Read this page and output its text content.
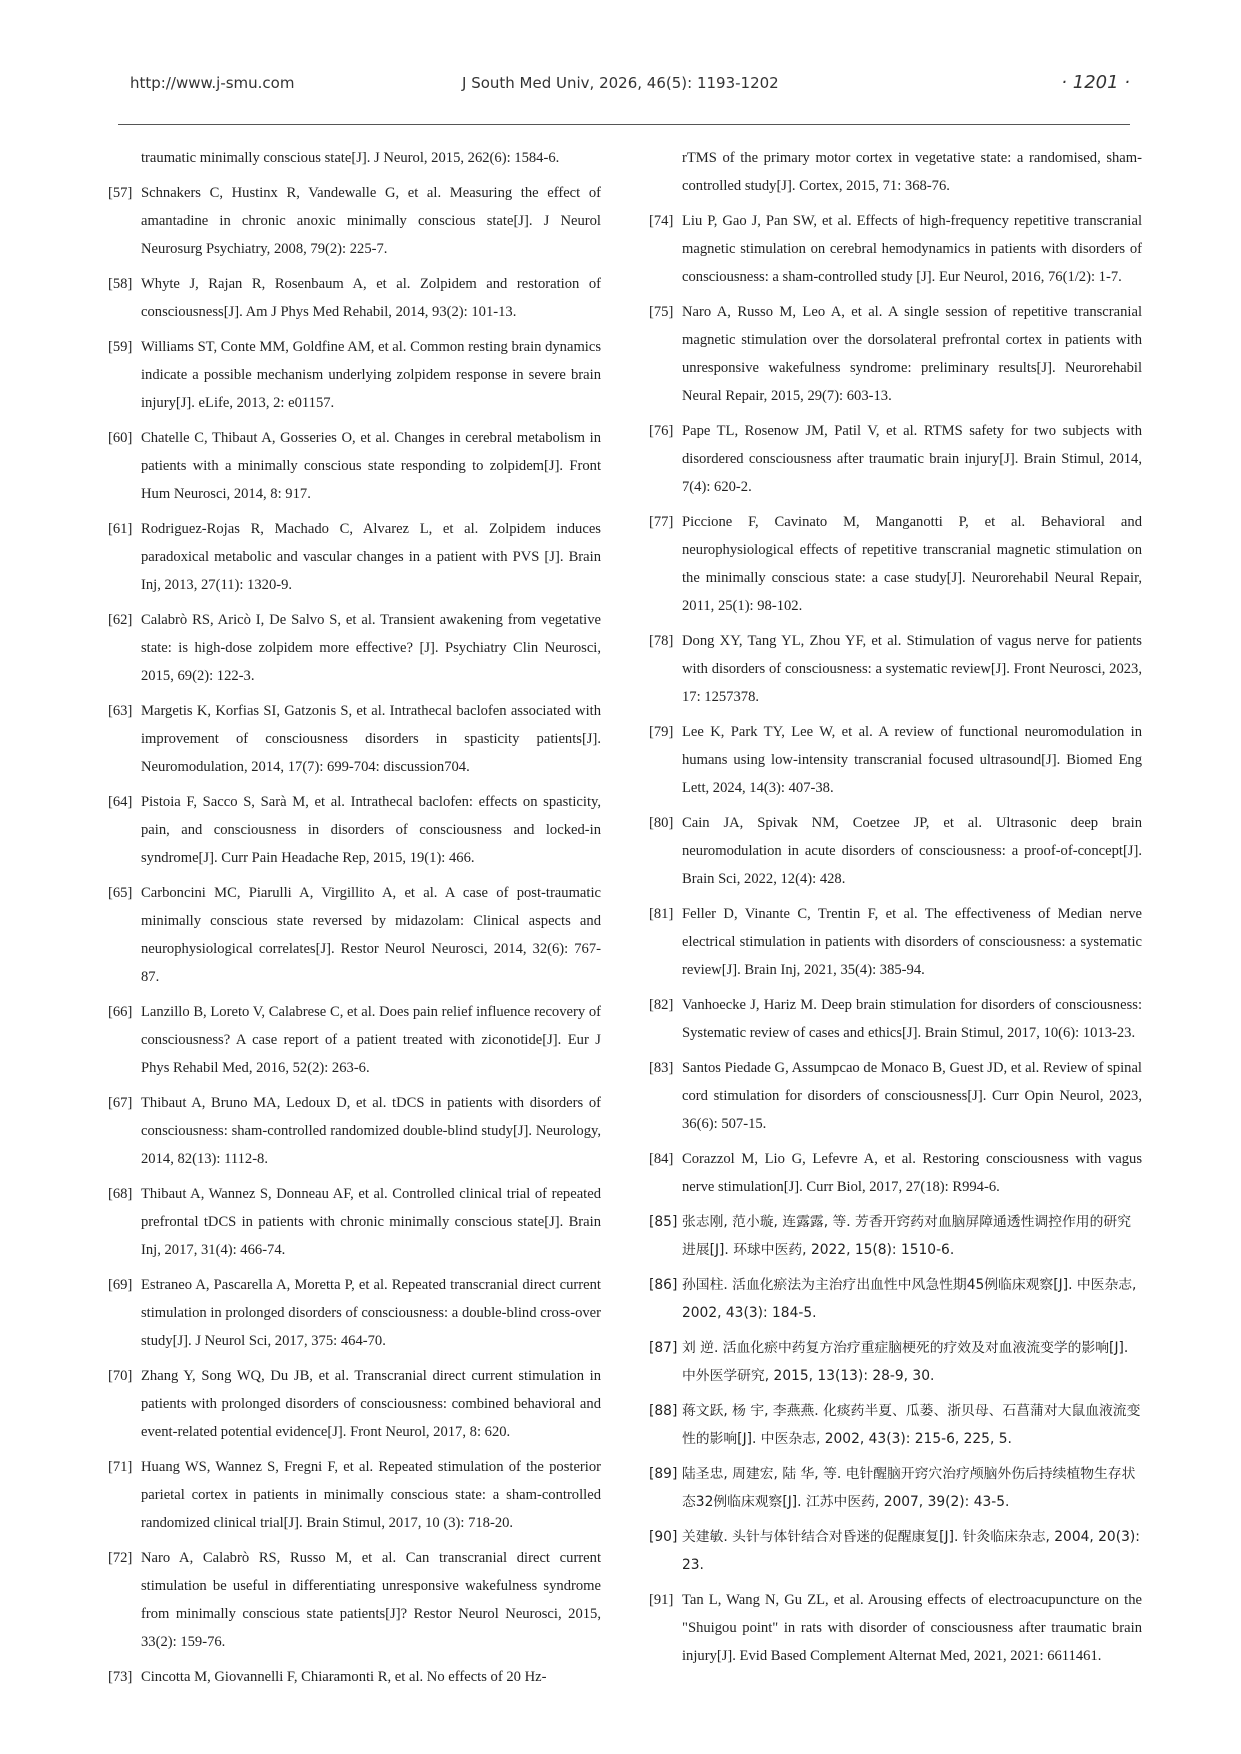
http://www.j-smu.com	J South Med Univ, 2026, 46(5): 1193-1202	· 1201 ·

traumatic minimally conscious state[J]. J Neurol, 2015, 262(6): 1584-6.

[57] Schnakers C, Hustinx R, Vandewalle G, et al. Measuring the effect of amantadine in chronic anoxic minimally conscious state[J]. J Neurol Neurosurg Psychiatry, 2008, 79(2): 225-7.

[58] Whyte J, Rajan R, Rosenbaum A, et al. Zolpidem and restoration of consciousness[J]. Am J Phys Med Rehabil, 2014, 93(2): 101-13.

[59] Williams ST, Conte MM, Goldfine AM, et al. Common resting brain dynamics indicate a possible mechanism underlying zolpidem response in severe brain injury[J]. eLife, 2013, 2: e01157.

[60] Chatelle C, Thibaut A, Gosseries O, et al. Changes in cerebral metabolism in patients with a minimally conscious state responding to zolpidem[J]. Front Hum Neurosci, 2014, 8: 917.

[61] Rodriguez-Rojas R, Machado C, Alvarez L, et al. Zolpidem induces paradoxical metabolic and vascular changes in a patient with PVS [J]. Brain Inj, 2013, 27(11): 1320-9.

[62] Calabrò RS, Aricò I, De Salvo S, et al. Transient awakening from vegetative state: is high-dose zolpidem more effective? [J]. Psychiatry Clin Neurosci, 2015, 69(2): 122-3.

[63] Margetis K, Korfias SI, Gatzonis S, et al. Intrathecal baclofen associated with improvement of consciousness disorders in spasticity patients[J]. Neuromodulation, 2014, 17(7): 699-704: discussion704.

[64] Pistoia F, Sacco S, Sarà M, et al. Intrathecal baclofen: effects on spasticity, pain, and consciousness in disorders of consciousness and locked-in syndrome[J]. Curr Pain Headache Rep, 2015, 19(1): 466.

[65] Carboncini MC, Piarulli A, Virgillito A, et al. A case of post-traumatic minimally conscious state reversed by midazolam: Clinical aspects and neurophysiological correlates[J]. Restor Neurol Neurosci, 2014, 32(6): 767-87.

[66] Lanzillo B, Loreto V, Calabrese C, et al. Does pain relief influence recovery of consciousness? A case report of a patient treated with ziconotide[J]. Eur J Phys Rehabil Med, 2016, 52(2): 263-6.

[67] Thibaut A, Bruno MA, Ledoux D, et al. tDCS in patients with disorders of consciousness: sham-controlled randomized double-blind study[J]. Neurology, 2014, 82(13): 1112-8.

[68] Thibaut A, Wannez S, Donneau AF, et al. Controlled clinical trial of repeated prefrontal tDCS in patients with chronic minimally conscious state[J]. Brain Inj, 2017, 31(4): 466-74.

[69] Estraneo A, Pascarella A, Moretta P, et al. Repeated transcranial direct current stimulation in prolonged disorders of consciousness: a double-blind cross-over study[J]. J Neurol Sci, 2017, 375: 464-70.

[70] Zhang Y, Song WQ, Du JB, et al. Transcranial direct current stimulation in patients with prolonged disorders of consciousness: combined behavioral and event-related potential evidence[J]. Front Neurol, 2017, 8: 620.

[71] Huang WS, Wannez S, Fregni F, et al. Repeated stimulation of the posterior parietal cortex in patients in minimally conscious state: a sham-controlled randomized clinical trial[J]. Brain Stimul, 2017, 10 (3): 718-20.

[72] Naro A, Calabrò RS, Russo M, et al. Can transcranial direct current stimulation be useful in differentiating unresponsive wakefulness syndrome from minimally conscious state patients[J]? Restor Neurol Neurosci, 2015, 33(2): 159-76.

[73] Cincotta M, Giovannelli F, Chiaramonti R, et al. No effects of 20 Hz-

rTMS of the primary motor cortex in vegetative state: a randomised, sham-controlled study[J]. Cortex, 2015, 71: 368-76.

[74] Liu P, Gao J, Pan SW, et al. Effects of high-frequency repetitive transcranial magnetic stimulation on cerebral hemodynamics in patients with disorders of consciousness: a sham-controlled study [J]. Eur Neurol, 2016, 76(1/2): 1-7.

[75] Naro A, Russo M, Leo A, et al. A single session of repetitive transcranial magnetic stimulation over the dorsolateral prefrontal cortex in patients with unresponsive wakefulness syndrome: preliminary results[J]. Neurorehabil Neural Repair, 2015, 29(7): 603-13.

[76] Pape TL, Rosenow JM, Patil V, et al. RTMS safety for two subjects with disordered consciousness after traumatic brain injury[J]. Brain Stimul, 2014, 7(4): 620-2.

[77] Piccione F, Cavinato M, Manganotti P, et al. Behavioral and neurophysiological effects of repetitive transcranial magnetic stimulation on the minimally conscious state: a case study[J]. Neurorehabil Neural Repair, 2011, 25(1): 98-102.

[78] Dong XY, Tang YL, Zhou YF, et al. Stimulation of vagus nerve for patients with disorders of consciousness: a systematic review[J]. Front Neurosci, 2023, 17: 1257378.

[79] Lee K, Park TY, Lee W, et al. A review of functional neuromodulation in humans using low-intensity transcranial focused ultrasound[J]. Biomed Eng Lett, 2024, 14(3): 407-38.

[80] Cain JA, Spivak NM, Coetzee JP, et al. Ultrasonic deep brain neuromodulation in acute disorders of consciousness: a proof-of-concept[J]. Brain Sci, 2022, 12(4): 428.

[81] Feller D, Vinante C, Trentin F, et al. The effectiveness of Median nerve electrical stimulation in patients with disorders of consciousness: a systematic review[J]. Brain Inj, 2021, 35(4): 385-94.

[82] Vanhoecke J, Hariz M. Deep brain stimulation for disorders of consciousness: Systematic review of cases and ethics[J]. Brain Stimul, 2017, 10(6): 1013-23.

[83] Santos Piedade G, Assumpcao de Monaco B, Guest JD, et al. Review of spinal cord stimulation for disorders of consciousness[J]. Curr Opin Neurol, 2023, 36(6): 507-15.

[84] Corazzol M, Lio G, Lefevre A, et al. Restoring consciousness with vagus nerve stimulation[J]. Curr Biol, 2017, 27(18): R994-6.

[85] 张志刚, 范小璇, 连露露, 等. 芳香开窍药对血脑屏障通透性调控作用的研究进展[J]. 环球中医药, 2022, 15(8): 1510-6.

[86] 孙国柱. 活血化瘀法为主治疗出血性中风急性期45例临床观察[J]. 中医杂志, 2002, 43(3): 184-5.

[87] 刘 逆. 活血化瘀中药复方治疗重症脑梗死的疗效及对血液流变学的影响[J]. 中外医学研究, 2015, 13(13): 28-9, 30.

[88] 蒋文跃, 杨 宇, 李燕燕. 化痰药半夏、瓜蒌、浙贝母、石菖蒲对大鼠血液流变性的影响[J]. 中医杂志, 2002, 43(3): 215-6, 225, 5.

[89] 陆圣忠, 周建宏, 陆 华, 等. 电针醒脑开窍穴治疗颅脑外伤后持续植物生存状态32例临床观察[J]. 江苏中医药, 2007, 39(2): 43-5.

[90] 关建敏. 头针与体针结合对昏迷的促醒康复[J]. 针灸临床杂志, 2004, 20(3): 23.

[91] Tan L, Wang N, Gu ZL, et al. Arousing effects of electroacupuncture on the "Shuigou point" in rats with disorder of consciousness after traumatic brain injury[J]. Evid Based Complement Alternat Med, 2021, 2021: 6611461.
